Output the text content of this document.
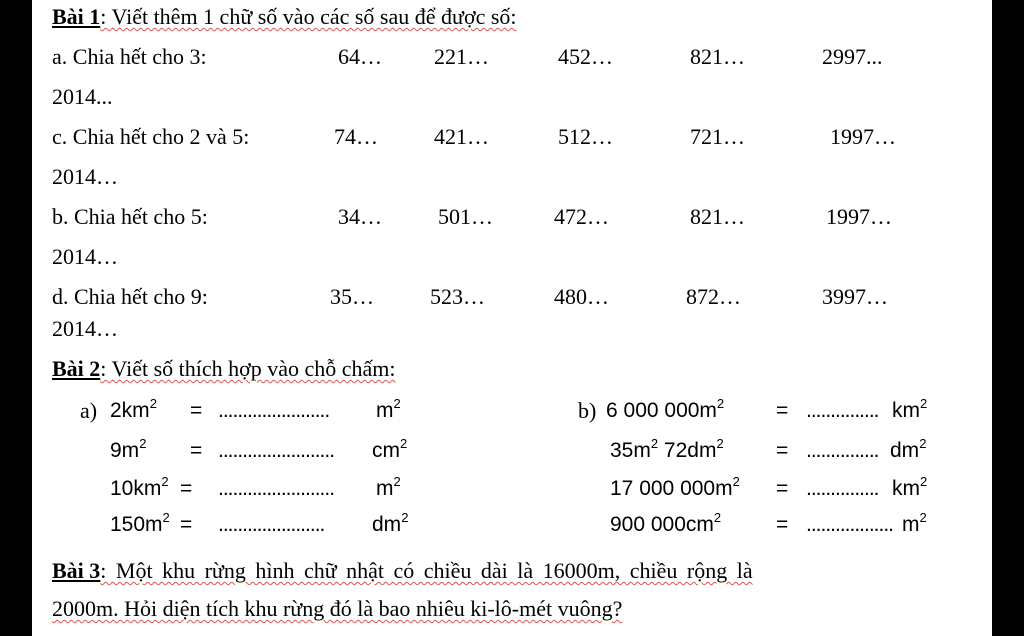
Bài 1: Viết thêm 1 chữ số vào các số sau để được số:
a. Chia hết cho 3:	64… 221…	452…	821…	2997...
2014...
c. Chia hết cho 2 và 5:	74…	421…	512…	721…	1997…
2014…
b. Chia hết cho 5:	34…	501…	472…	821…	1997…
2014…
d. Chia hết cho 9:	35…	523…	480…	872…	3997…
2014…
Bài 2: Viết số thích hợp vào chỗ chấm:
a) $2km^2$ = ....................... $m^2$
$9m^2$ = ........................ $cm^2$
$10km^2$ = ........................ $m^2$
$150m^2$ = ...................... $dm^2$
b) 6 000 $000m^2$ = ............... $km^2$
$35m^2$ $72dm^2$ = ............... $dm^2$
17 000 $000m^2$ = ............... $km^2$
900 $000cm^2$	= .................. $m^2$
Bài 3: Một khu rừng hình chữ nhật có chiều dài là 16000m, chiều rộng là
2000m. Hỏi diện tích khu rừng đó là bao nhiêu ki-lô-mét vuông?
